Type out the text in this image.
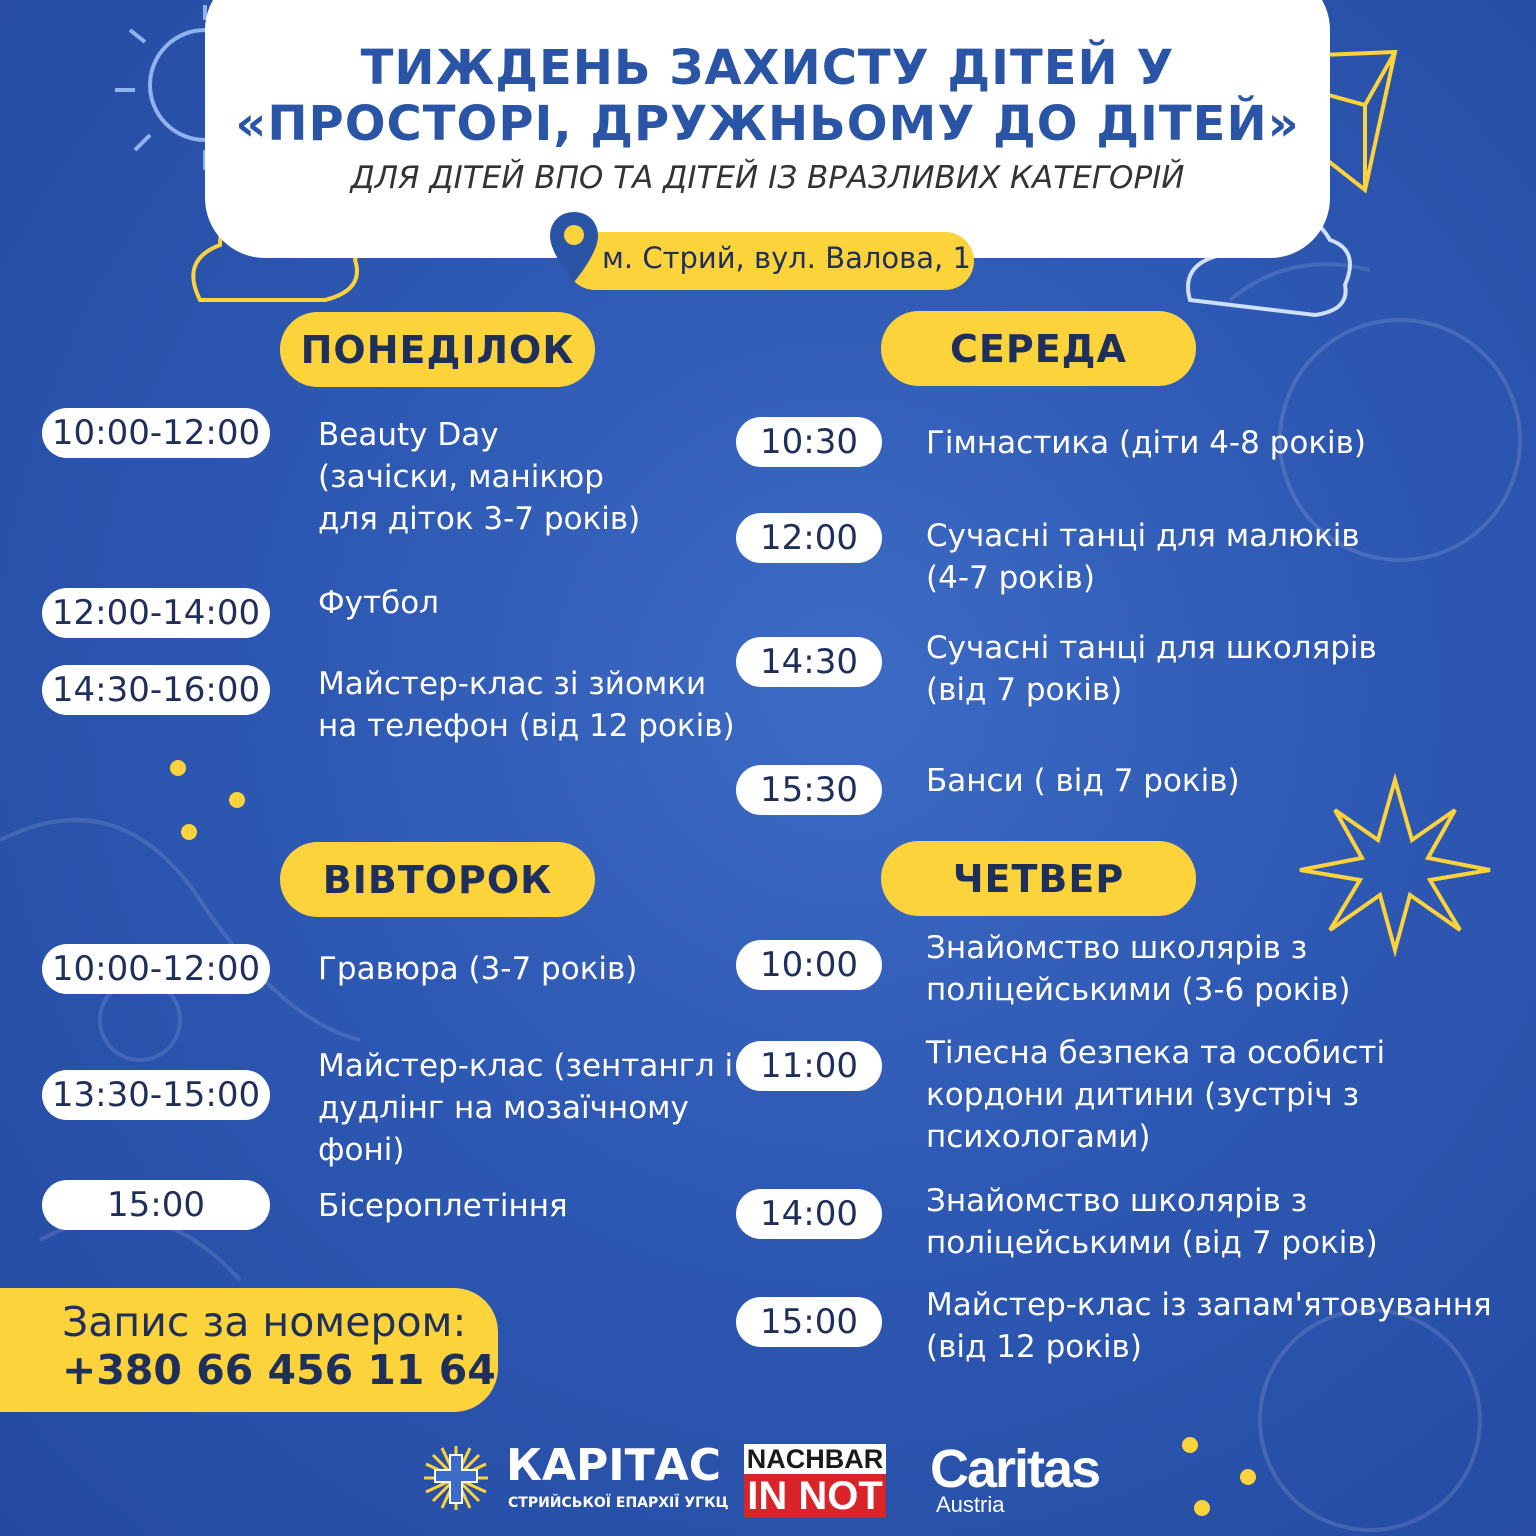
ТИЖДЕНЬ ЗАХИСТУ ДІТЕЙ У
«ПРОСТОРІ, ДРУЖНЬОМУ ДО ДІТЕЙ»
ДЛЯ ДІТЕЙ ВПО ТА ДІТЕЙ ІЗ ВРАЗЛИВИХ КАТЕГОРІЙ
м. Стрий, вул. Валова, 1
ПОНЕДІЛОК
10:00-12:00	Beauty Day
(зачіски, манікюр
для діток 3-7 років)
12:00-14:00	Футбол
14:30-16:00	Майстер-клас зі зйомки
на телефон (від 12 років)
ВІВТОРОК
10:00-12:00	Гравюра (3-7 років)
13:30-15:00
Майстер-клас (зентангл і
дудлінг на мозаїчному
фоні)
15:00	Бісероплетіння
СЕРЕДА
10:30	Гімнастика (діти 4-8 років)
12:00	Сучасні танці для малюків
(4-7 років)
14:30	Сучасні танці для школярів
(від 7 років)
15:30	Банси ( від 7 років)
ЧЕТВЕР
10:00	Знайомство школярів з
поліцейськими (3-6 років)
11:00	Тілесна безпека та особисті
кордони дитини (зустріч з
психологами)
14:00	Знайомство школярів з
поліцейськими (від 7 років)
15:00	Майстер-клас із запам'ятовування
(від 12 років)
Запис за номером:
+380 66 456 11 64
КАРІТАС
СТРИЙСЬКОЇ ЕПАРХІЇ УГКЦ
NACHBAR
IN NOT Caritas
Austria
